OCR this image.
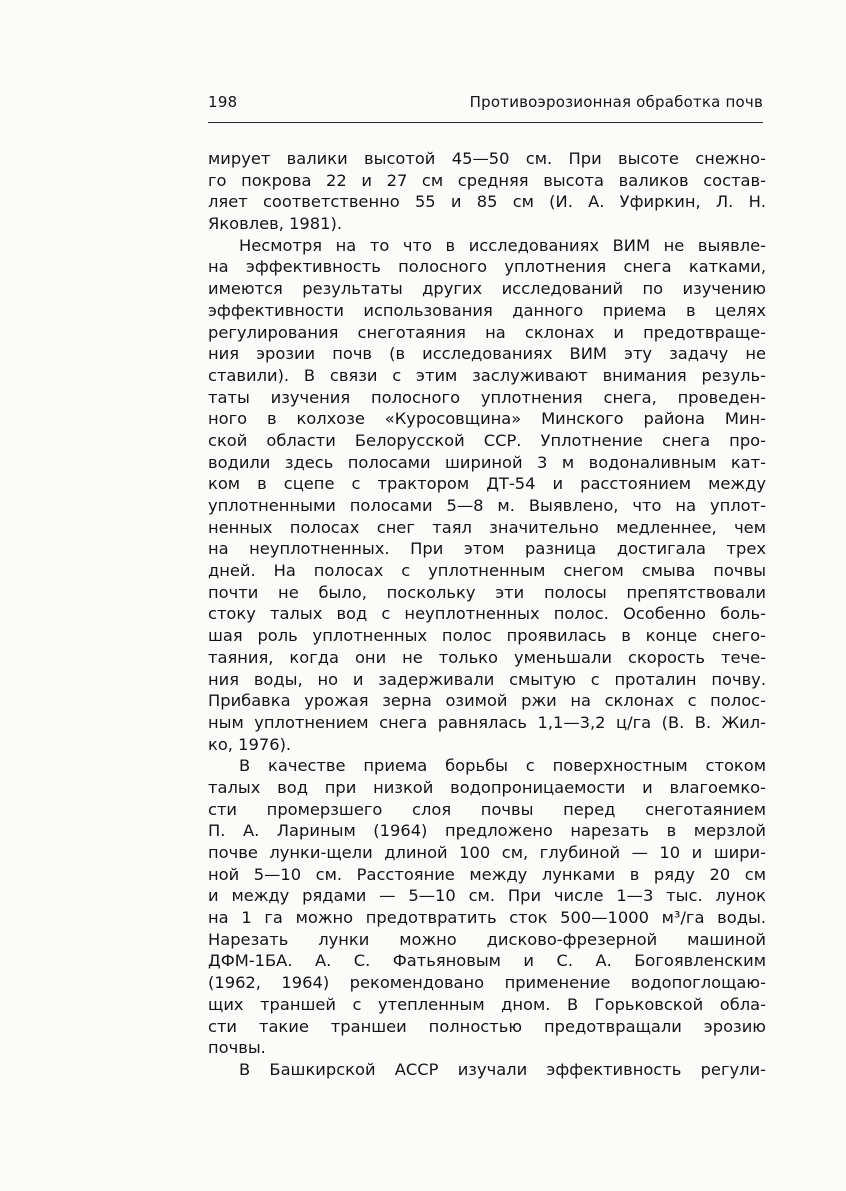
198	Противоэрозионная обработка почв
мирует валики высотой 45—50 см. При высоте снежно-
го покрова 22 и 27 см средняя высота валиков состав-
ляет соответственно 55 и 85 см (И. А. Уфиркин, Л. Н.
Яковлев, 1981).
Несмотря на то что в исследованиях ВИМ не выявле-
на эффективность полосного уплотнения снега катками,
имеются результаты других исследований по изучению
эффективности использования данного приема в целях
регулирования снеготаяния на склонах и предотвраще-
ния эрозии почв (в исследованиях ВИМ эту задачу не
ставили). В связи с этим заслуживают внимания резуль-
таты изучения полосного уплотнения снега, проведен-
ного в колхозе «Куросовщина» Минского района Мин-
ской области Белорусской ССР. Уплотнение снега про-
водили здесь полосами шириной 3 м водоналивным кат-
ком в сцепе с трактором ДТ-54 и расстоянием между
уплотненными полосами 5—8 м. Выявлено, что на уплот-
ненных полосах снег таял значительно медленнее, чем
на неуплотненных. При этом разница достигала трех
дней. На полосах с уплотненным снегом смыва почвы
почти не было, поскольку эти полосы препятствовали
стоку талых вод с неуплотненных полос. Особенно боль-
шая роль уплотненных полос проявилась в конце снего-
таяния, когда они не только уменьшали скорость тече-
ния воды, но и задерживали смытую с проталин почву.
Прибавка урожая зерна озимой ржи на склонах с полос-
ным уплотнением снега равнялась 1,1—3,2 ц/га (В. В. Жил-
ко, 1976).
В качестве приема борьбы с поверхностным стоком
талых вод при низкой водопроницаемости и влагоемко-
сти промерзшего слоя почвы перед снеготаянием
П. А. Лариным (1964) предложено нарезать в мерзлой
почве лунки-щели длиной 100 см, глубиной — 10 и шири-
ной 5—10 см. Расстояние между лунками в ряду 20 см
и между рядами — 5—10 см. При числе 1—3 тыс. лунок
на 1 га можно предотвратить сток 500—1000 м³/га воды.
Нарезать лунки можно дисково-фрезерной машиной
ДФМ-1БА. А. С. Фатьяновым и С. А. Богоявленским
(1962, 1964) рекомендовано применение водопоглощаю-
щих траншей с утепленным дном. В Горьковской обла-
сти такие траншеи полностью предотвращали эрозию
почвы.
В Башкирской АССР изучали эффективность регули-
